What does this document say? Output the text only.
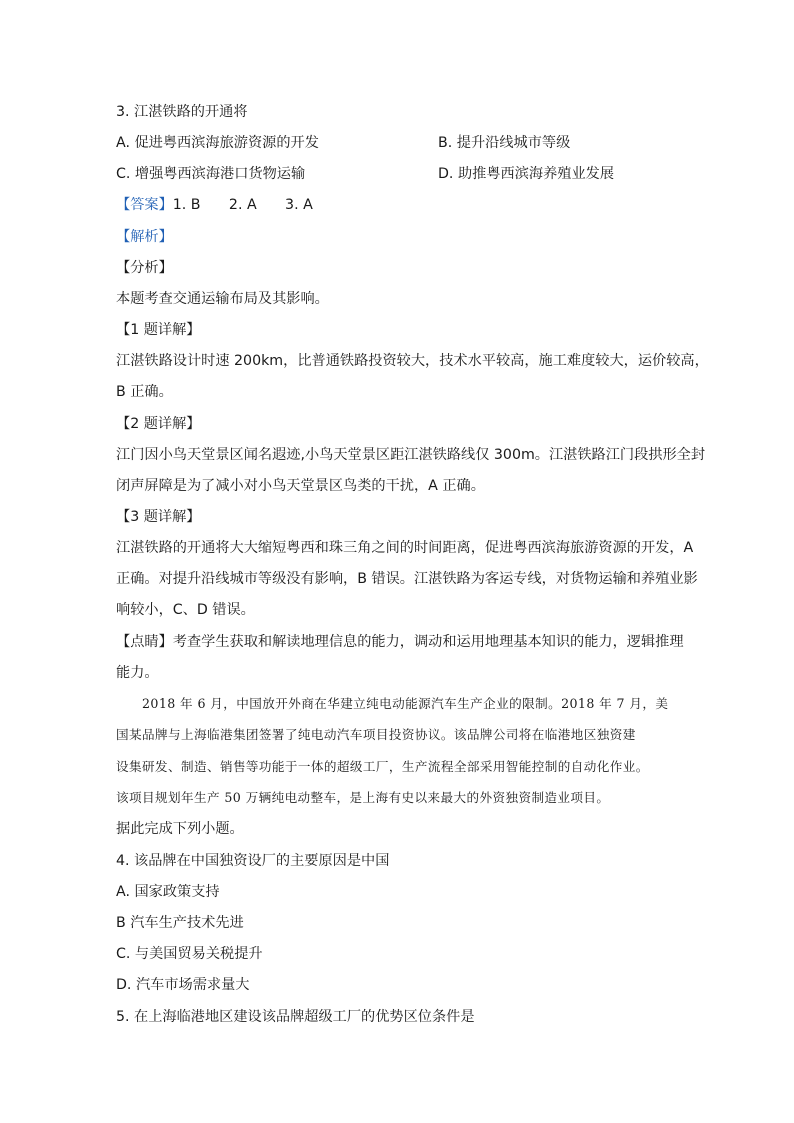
3. 江湛铁路的开通将
A. 促进粤西滨海旅游资源的开发	B. 提升沿线城市等级
C. 增强粤西滨海港口货物运输	D. 助推粤西滨海养殖业发展
【答案】1. B　　2. A　　3. A
【解析】
【分析】
本题考查交通运输布局及其影响。
【1 题详解】
江湛铁路设计时速 200km，比普通铁路投资较大，技术水平较高，施工难度较大，运价较高，
B 正确。
【2 题详解】
江门因小鸟天堂景区闻名遐迹,小鸟天堂景区距江湛铁路线仅 300m。江湛铁路江门段拱形全封
闭声屏障是为了减小对小鸟天堂景区鸟类的干扰，A 正确。
【3 题详解】
江湛铁路的开通将大大缩短粤西和珠三角之间的时间距离，促进粤西滨海旅游资源的开发，A
正确。对提升沿线城市等级没有影响，B 错误。江湛铁路为客运专线，对货物运输和养殖业影
响较小，C、D 错误。
【点睛】考查学生获取和解读地理信息的能力，调动和运用地理基本知识的能力，逻辑推理
能力。
　　2018 年 6 月，中国放开外商在华建立纯电动能源汽车生产企业的限制。2018 年 7 月，美
国某品牌与上海临港集团签署了纯电动汽车项目投资协议。该品牌公司将在临港地区独资建
设集研发、制造、销售等功能于一体的超级工厂，生产流程全部采用智能控制的自动化作业。
该项目规划年生产 50 万辆纯电动整车，是上海有史以来最大的外资独资制造业项目。
据此完成下列小题。
4. 该品牌在中国独资设厂的主要原因是中国
A. 国家政策支持
B 汽车生产技术先进
C. 与美国贸易关税提升
D. 汽车市场需求量大
5. 在上海临港地区建设该品牌超级工厂的优势区位条件是
